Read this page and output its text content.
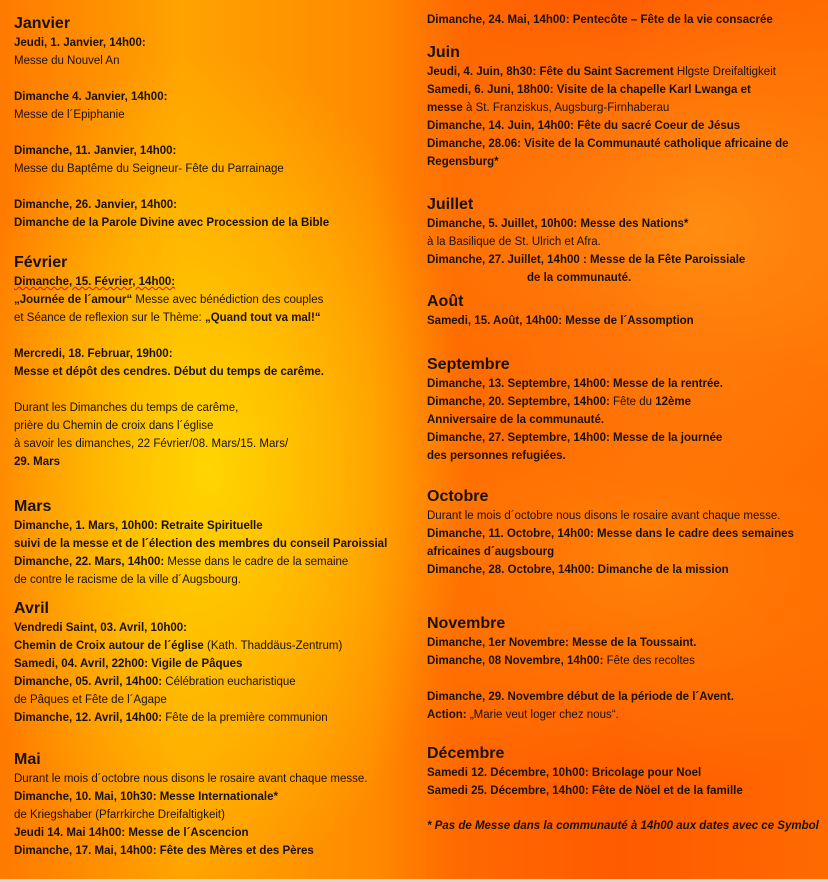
Janvier
Jeudi, 1. Janvier, 14h00:
Messe du Nouvel An
Dimanche 4. Janvier, 14h00:
Messe de l´Epiphanie
Dimanche, 11. Janvier, 14h00:
Messe du Baptême du Seigneur- Fête du Parrainage
Dimanche, 26. Janvier, 14h00:
Dimanche de la Parole Divine avec Procession de la Bible
Février
Dimanche, 15. Février, 14h00:
„Journée de l´amour“ Messe avec bénédiction des couples
et Séance de reflexion sur le Thème: „Quand tout va mal!“
Mercredi, 18. Februar, 19h00:
Messe et dépôt des cendres. Début du temps de carême.
Durant les Dimanches du temps de carême,
prière du Chemin de croix dans l´église
à savoir les dimanches, 22 Février/08. Mars/15. Mars/
29. Mars
Mars
Dimanche, 1. Mars, 10h00: Retraite Spirituelle
suivi de la messe et de l´élection des membres du conseil Paroissial
Dimanche, 22. Mars, 14h00: Messe dans le cadre de la semaine
de contre le racisme de la ville d´Augsbourg.
Avril
Vendredi Saint, 03. Avril, 10h00:
Chemin de Croix autour de l´église (Kath. Thaddäus-Zentrum)
Samedi, 04. Avril, 22h00: Vigile de Pâques
Dimanche, 05. Avril, 14h00: Célébration eucharistique
de Pâques et Fête de l´Agape
Dimanche, 12. Avril, 14h00: Fête de la première communion
Mai
Durant le mois d´octobre nous disons le rosaire avant chaque messe.
Dimanche, 10. Mai, 10h30: Messe Internationale*
de Kriegshaber (Pfarrkirche Dreifaltigkeit)
Jeudi 14. Mai 14h00: Messe de l´Ascencion
Dimanche, 17. Mai, 14h00: Fête des Mères et des Pères
Dimanche, 24. Mai, 14h00: Pentecôte – Fête de la vie consacrée
Juin
Jeudi, 4. Juin, 8h30: Fête du Saint Sacrement Hlgste Dreifaltigkeit
Samedi, 6. Juni, 18h00: Visite de la chapelle Karl Lwanga et
messe à St. Franziskus, Augsburg-Firnhaberau
Dimanche, 14. Juin, 14h00: Fête du sacré Coeur de Jésus
Dimanche, 28.06: Visite de la Communauté catholique africaine de
Regensburg*
Juillet
Dimanche, 5. Juillet, 10h00: Messe des Nations*
à la Basilique de St. Ulrich et Afra.
Dimanche, 27. Juillet, 14h00 : Messe de la Fête Paroissiale
de la communauté.
Août
Samedi, 15. Août, 14h00: Messe de l´Assomption
Septembre
Dimanche, 13. Septembre, 14h00: Messe de la rentrée.
Dimanche, 20. Septembre, 14h00: Fête du 12ème
Anniversaire de la communauté.
Dimanche, 27. Septembre, 14h00: Messe de la journée
des personnes refugiées.
Octobre
Durant le mois d´octobre nous disons le rosaire avant chaque messe.
Dimanche, 11. Octobre, 14h00: Messe dans le cadre dees semaines
africaines d´augsbourg
Dimanche, 28. Octobre, 14h00: Dimanche de la mission
Novembre
Dimanche, 1er Novembre: Messe de la Toussaint.
Dimanche, 08 Novembre, 14h00: Fête des recoltes
Dimanche, 29. Novembre début de la période de l´Avent.
Action: „Marie veut loger chez nous“.
Décembre
Samedi 12. Décembre, 10h00: Bricolage pour Noel
Samedi 25. Décembre, 14h00: Fête de Nöel et de la famille
* Pas de Messe dans la communauté à 14h00 aux dates avec ce Symbol
